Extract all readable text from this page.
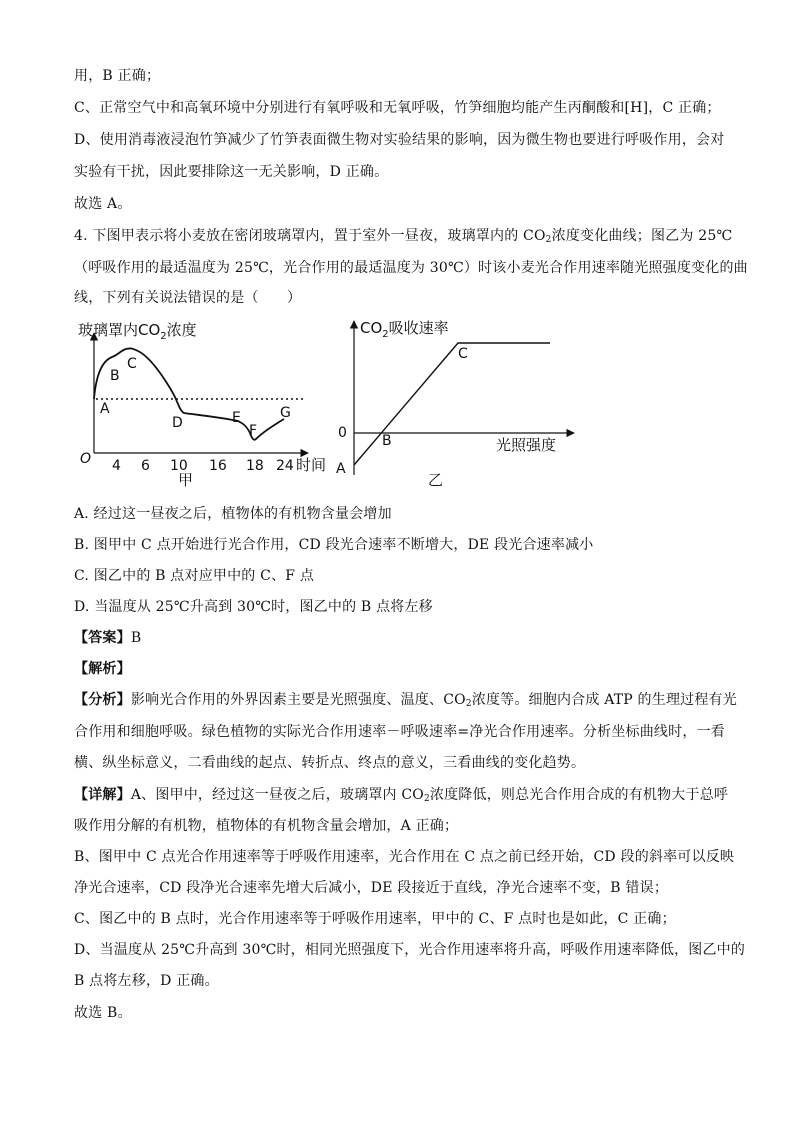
用，B 正确；
C、正常空气中和高氧环境中分别进行有氧呼吸和无氧呼吸，竹笋细胞均能产生丙酮酸和[H]，C 正确；
D、使用消毒液浸泡竹笋减少了竹笋表面微生物对实验结果的影响，因为微生物也要进行呼吸作用，会对
实验有干扰，因此要排除这一无关影响，D 正确。
故选 A。
4. 下图甲表示将小麦放在密闭玻璃罩内，置于室外一昼夜，玻璃罩内的 $CO_2$浓度变化曲线；图乙为 25℃
（呼吸作用的最适温度为 25℃，光合作用的最适温度为 30℃）时该小麦光合作用速率随光照强度变化的曲
线，下列有关说法错误的是（　　）
玻璃罩内$CO_2$浓度
O	时间
4 6 10 16 18 24
A
B
C
D	E
F
G
甲
$CO_2$吸收速率
0
光照强度
A
B
C
乙
A. 经过这一昼夜之后，植物体的有机物含量会增加
B. 图甲中 C 点开始进行光合作用，CD 段光合速率不断增大，DE 段光合速率减小
C. 图乙中的 B 点对应甲中的 C、F 点
D. 当温度从 25℃升高到 30℃时，图乙中的 B 点将左移
【答案】B
【解析】
【分析】影响光合作用的外界因素主要是光照强度、温度、$CO_2$浓度等。细胞内合成 ATP 的生理过程有光
合作用和细胞呼吸。绿色植物的实际光合作用速率－呼吸速率=净光合作用速率。分析坐标曲线时，一看
横、纵坐标意义，二看曲线的起点、转折点、终点的意义，三看曲线的变化趋势。
【详解】A、图甲中，经过这一昼夜之后，玻璃罩内 $CO_2$浓度降低，则总光合作用合成的有机物大于总呼
吸作用分解的有机物，植物体的有机物含量会增加，A 正确；
B、图甲中 C 点光合作用速率等于呼吸作用速率，光合作用在 C 点之前已经开始，CD 段的斜率可以反映
净光合速率，CD 段净光合速率先增大后减小，DE 段接近于直线，净光合速率不变，B 错误；
C、图乙中的 B 点时，光合作用速率等于呼吸作用速率，甲中的 C、F 点时也是如此，C 正确；
D、当温度从 25℃升高到 30℃时，相同光照强度下，光合作用速率将升高，呼吸作用速率降低，图乙中的
B 点将左移，D 正确。
故选 B。
